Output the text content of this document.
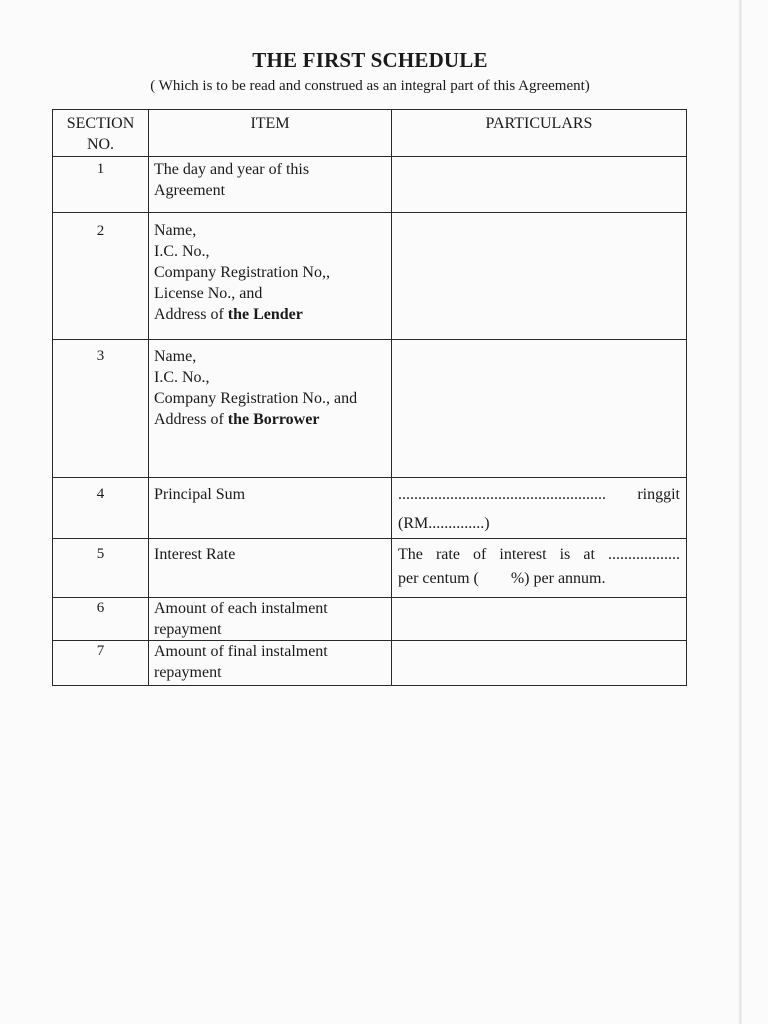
THE FIRST SCHEDULE
( Which is to be read and construed as an integral part of this Agreement)
SECTION
NO.	ITEM	PARTICULARS
1	The day and year of this
Agreement	

2	Name,
I.C. No.,
Company Registration No,,
License No., and
Address of the Lender	

3	Name,
I.C. No.,
Company Registration No., and
Address of the Borrower	

4	Principal Sum	.................................................... ringgit
(RM..............)

5	Interest Rate	The rate of interest is at ..................
per centum (        %) per annum.

6	Amount of each instalment
repayment	

7	Amount of final instalment
repayment	
